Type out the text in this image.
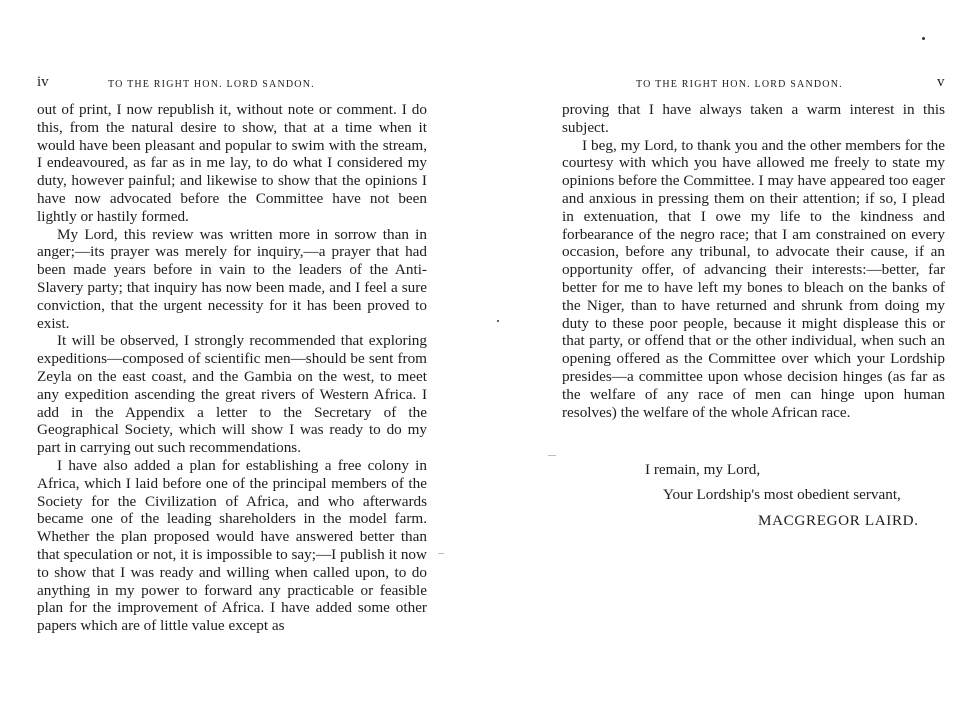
iv	TO THE RIGHT HON. LORD SANDON.

out of print, I now republish it, without note or comment. I do this, from the natural desire to show, that at a time when it would have been pleasant and popular to swim with the stream, I endeavoured, as far as in me lay, to do what I considered my duty, however painful; and likewise to show that the opinions I have now advocated before the Committee have not been lightly or hastily formed.

My Lord, this review was written more in sorrow than in anger;—its prayer was merely for inquiry,—a prayer that had been made years before in vain to the leaders of the Anti-Slavery party; that inquiry has now been made, and I feel a sure conviction, that the urgent necessity for it has been proved to exist.

It will be observed, I strongly recommended that exploring expeditions—composed of scientific men—should be sent from Zeyla on the east coast, and the Gambia on the west, to meet any expedition ascending the great rivers of Western Africa. I add in the Appendix a letter to the Secretary of the Geographical Society, which will show I was ready to do my part in carrying out such recommendations.

I have also added a plan for establishing a free colony in Africa, which I laid before one of the principal members of the Society for the Civilization of Africa, and who afterwards became one of the leading shareholders in the model farm. Whether the plan proposed would have answered better than that speculation or not, it is impossible to say;—I publish it now to show that I was ready and willing when called upon, to do anything in my power to forward any practicable or feasible plan for the improvement of Africa. I have added some other papers which are of little value except as

TO THE RIGHT HON. LORD SANDON.	v

proving that I have always taken a warm interest in this subject.

I beg, my Lord, to thank you and the other members for the courtesy with which you have allowed me freely to state my opinions before the Committee. I may have appeared too eager and anxious in pressing them on their attention; if so, I plead in extenuation, that I owe my life to the kindness and forbearance of the negro race; that I am constrained on every occasion, before any tribunal, to advocate their cause, if an opportunity offer, of advancing their interests:—better, far better for me to have left my bones to bleach on the banks of the Niger, than to have returned and shrunk from doing my duty to these poor people, because it might displease this or that party, or offend that or the other individual, when such an opening offered as the Committee over which your Lordship presides—a committee upon whose decision hinges (as far as the welfare of any race of men can hinge upon human resolves) the welfare of the whole African race.

I remain, my Lord,
Your Lordship's most obedient servant,
MACGREGOR LAIRD.
